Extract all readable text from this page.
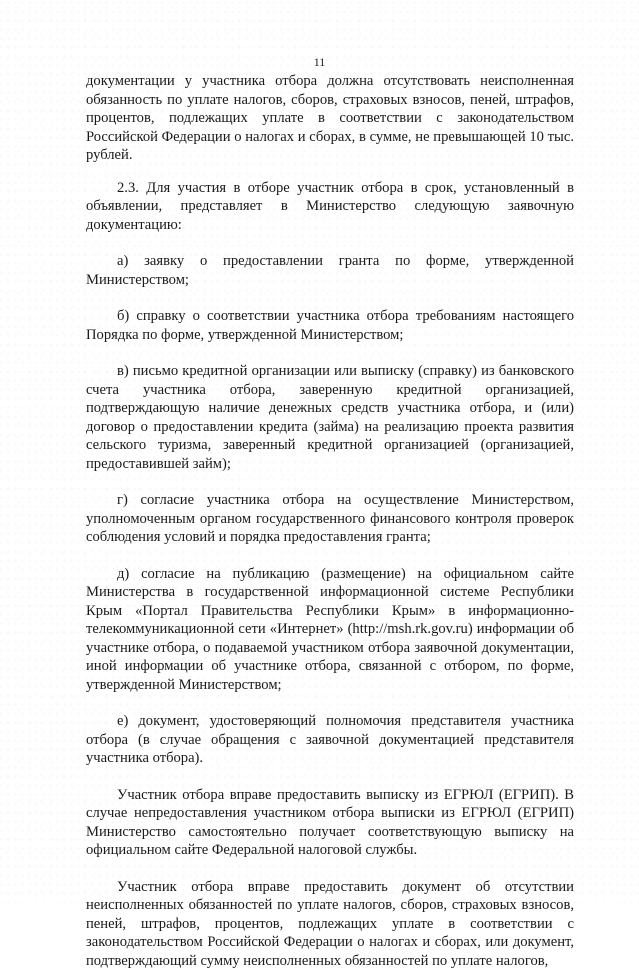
11

документации у участника отбора должна отсутствовать неисполненная обязанность по уплате налогов, сборов, страховых взносов, пеней, штрафов, процентов, подлежащих уплате в соответствии с законодательством Российской Федерации о налогах и сборах, в сумме, не превышающей 10 тыс. рублей.

2.3. Для участия в отборе участник отбора в срок, установленный в объявлении, представляет в Министерство следующую заявочную документацию:

а) заявку о предоставлении гранта по форме, утвержденной Министерством;

б) справку о соответствии участника отбора требованиям настоящего Порядка по форме, утвержденной Министерством;

в) письмо кредитной организации или выписку (справку) из банковского счета участника отбора, заверенную кредитной организацией, подтверждающую наличие денежных средств участника отбора, и (или) договор о предоставлении кредита (займа) на реализацию проекта развития сельского туризма, заверенный кредитной организацией (организацией, предоставившей займ);

г) согласие участника отбора на осуществление Министерством, уполномоченным органом государственного финансового контроля проверок соблюдения условий и порядка предоставления гранта;

д) согласие на публикацию (размещение) на официальном сайте Министерства в государственной информационной системе Республики Крым «Портал Правительства Республики Крым» в информационно-телекоммуникационной сети «Интернет» (http://msh.rk.gov.ru) информации об участнике отбора, о подаваемой участником отбора заявочной документации, иной информации об участнике отбора, связанной с отбором, по форме, утвержденной Министерством;

е) документ, удостоверяющий полномочия представителя участника отбора (в случае обращения с заявочной документацией представителя участника отбора).

Участник отбора вправе предоставить выписку из ЕГРЮЛ (ЕГРИП). В случае непредоставления участником отбора выписки из ЕГРЮЛ (ЕГРИП) Министерство самостоятельно получает соответствующую выписку на официальном сайте Федеральной налоговой службы.

Участник отбора вправе предоставить документ об отсутствии неисполненных обязанностей по уплате налогов, сборов, страховых взносов, пеней, штрафов, процентов, подлежащих уплате в соответствии с законодательством Российской Федерации о налогах и сборах, или документ, подтверждающий сумму неисполненных обязанностей по уплате налогов,
